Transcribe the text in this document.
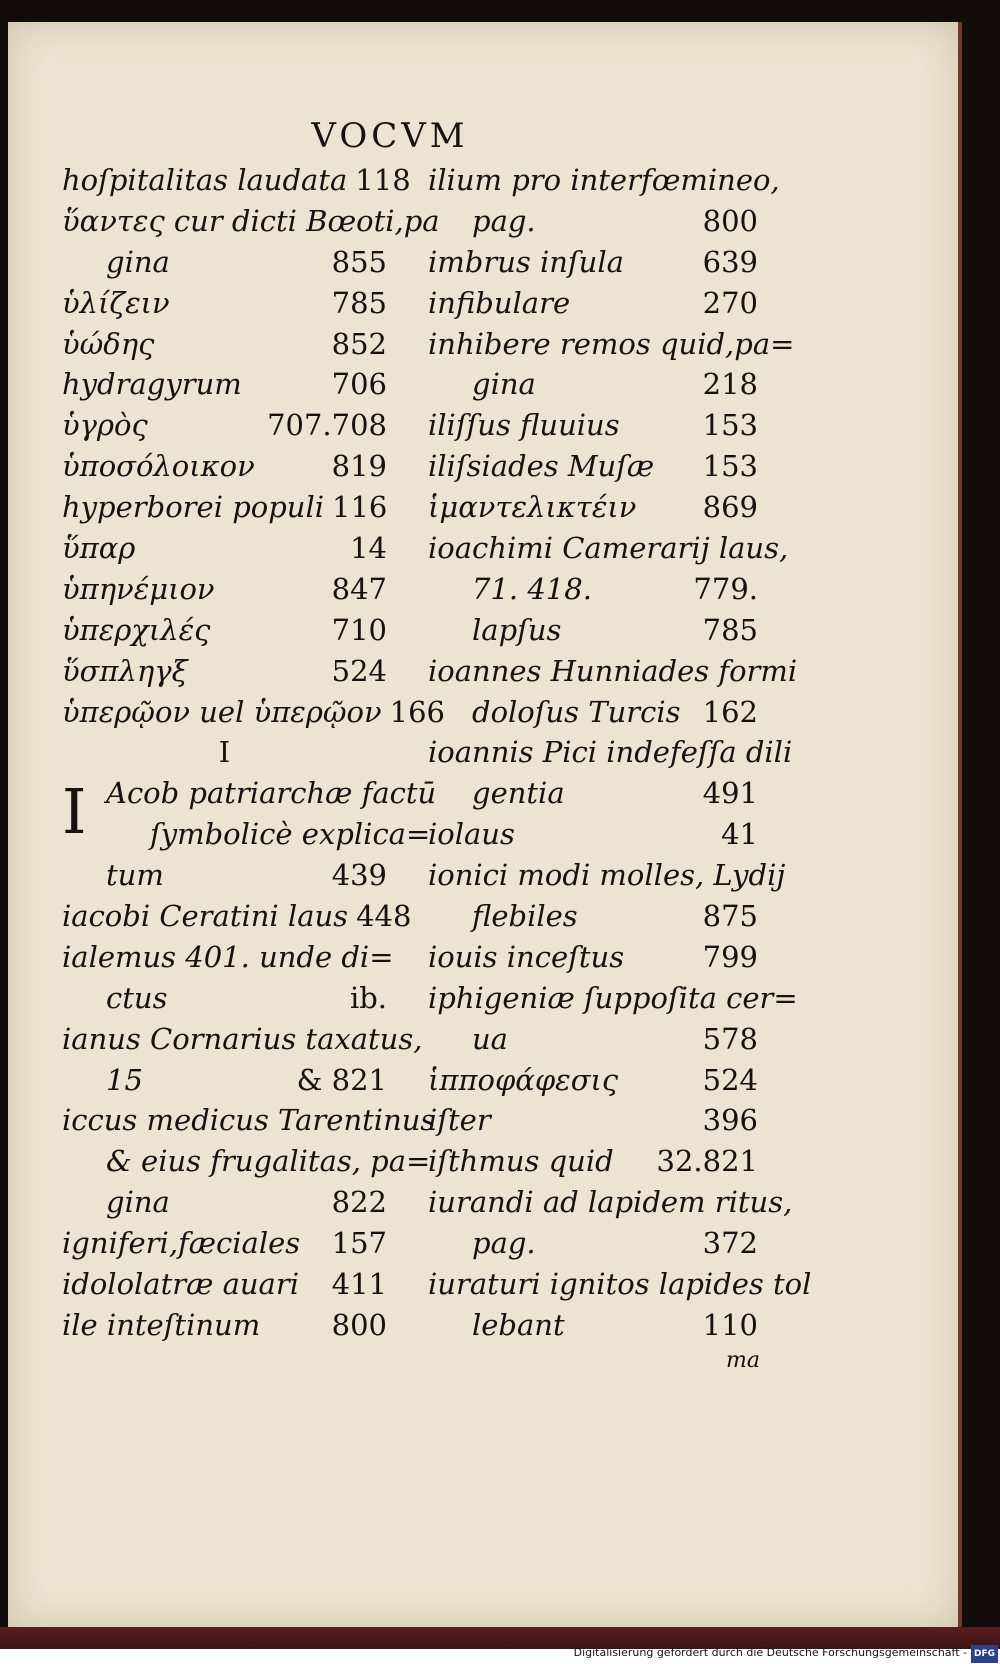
VOCVM
hoſpitalitas laudata 118
ὕαντες cur dicti Bœoti,pa
gina	855
ὑλίζειν	785
ὑώδης	852
hydragyrum	706
ὑγρὸς	707.708
ὑποσόλοικον	819
hyperborei populi 116
ὕπαρ	14
ὑπηνέμιον	847
ὑπερχιλές	710
ὕσπληγξ	524
ὑπερῷον uel ὑπερῷον 166
I
I Acob patriarchæ factū
ſymbolicè explica=
tum	439
iacobi Ceratini laus 448
ialemus 401. unde di=
ctus	ib.
ianus Cornarius taxatus,
15	& 821
iccus medicus Tarentinus
& eius frugalitas, pa=
gina	822
igniferi,fæciales 157
idololatræ auari 411
ile inteſtinum 800
ilium pro interfœmineo,
pag.	800
imbrus inſula	639
infibulare	270
inhibere remos quid,pa=
gina	218
iliſſus fluuius	153
iliſsiades Muſæ 153
ἱμαντελικτέιν 869
ioachimi Camerarij laus,
71. 418.	779.
lapſus	785
ioannes Hunniades formi
doloſus Turcis 162
ioannis Pici indefeſſa dili
gentia	491
iolaus	41
ionici modi molles, Lydij
flebiles	875
iouis inceſtus	799
iphigeniæ ſuppoſita cer=
ua	578
ἱπποφάφεσις	524
iſter	396
iſthmus quid 32.821
iurandi ad lapidem ritus,
pag.	372
iuraturi ignitos lapides tol
lebant	110
ma
Digitalisierung gefördert durch die Deutsche Forschungsgemeinschaft - DFG
